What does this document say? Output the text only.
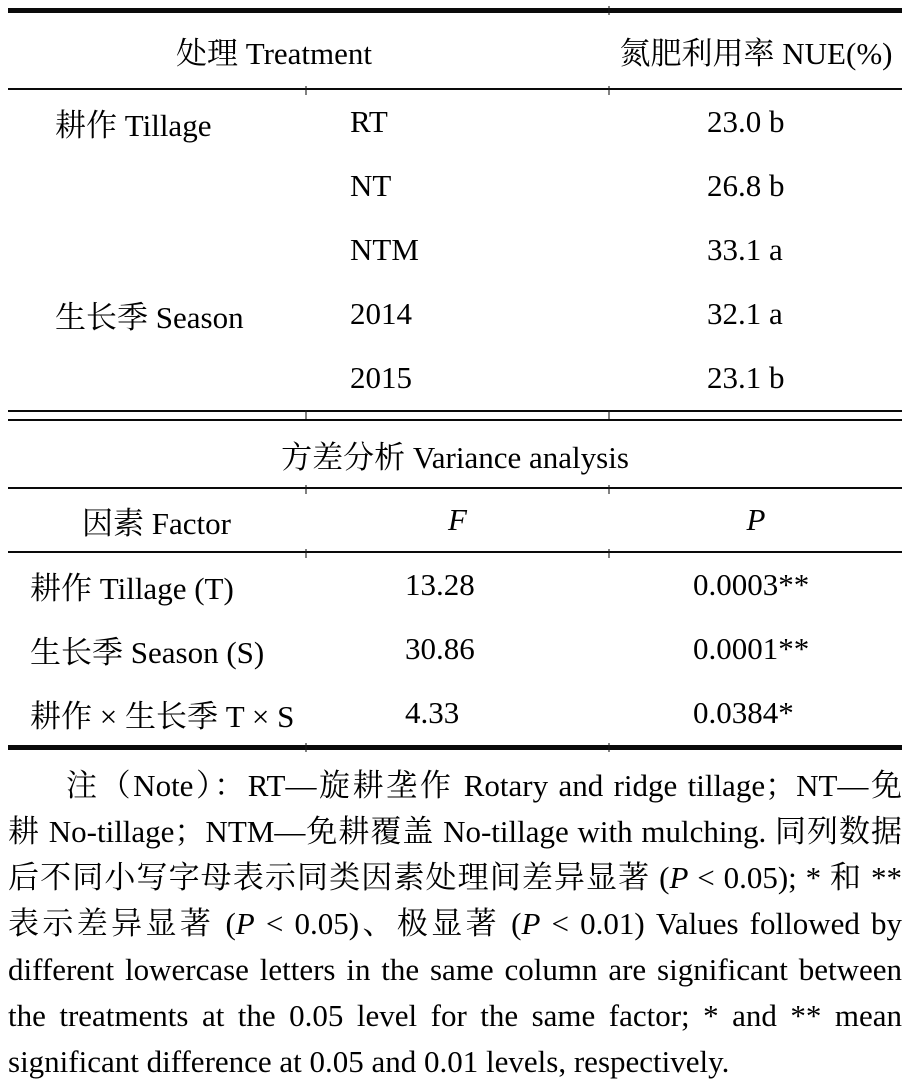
处理 Treatment	氮肥利用率 NUE(%)
耕作 Tillage	RT	23.0 b
NT	26.8 b
NTM	33.1 a
生长季 Season	2014	32.1 a
2015	23.1 b
方差分析 Variance analysis
因素 Factor	F	P
耕作 Tillage (T)	13.28	0.0003**
生长季 Season (S)	30.86	0.0001**
耕作 × 生长季 T × S	4.33	0.0384*
注（Note）：RT—旋耕垄作 Rotary and ridge tillage；NT—免
耕 No-tillage；NTM—免耕覆盖 No-tillage with mulching. 同列数据
后不同小写字母表示同类因素处理间差异显著 (P < 0.05); * 和 **
表示差异显著 (P < 0.05)、极显著 (P < 0.01) Values followed by
different lowercase letters in the same column are significant between
the treatments at the 0.05 level for the same factor; * and ** mean
significant difference at 0.05 and 0.01 levels, respectively.
